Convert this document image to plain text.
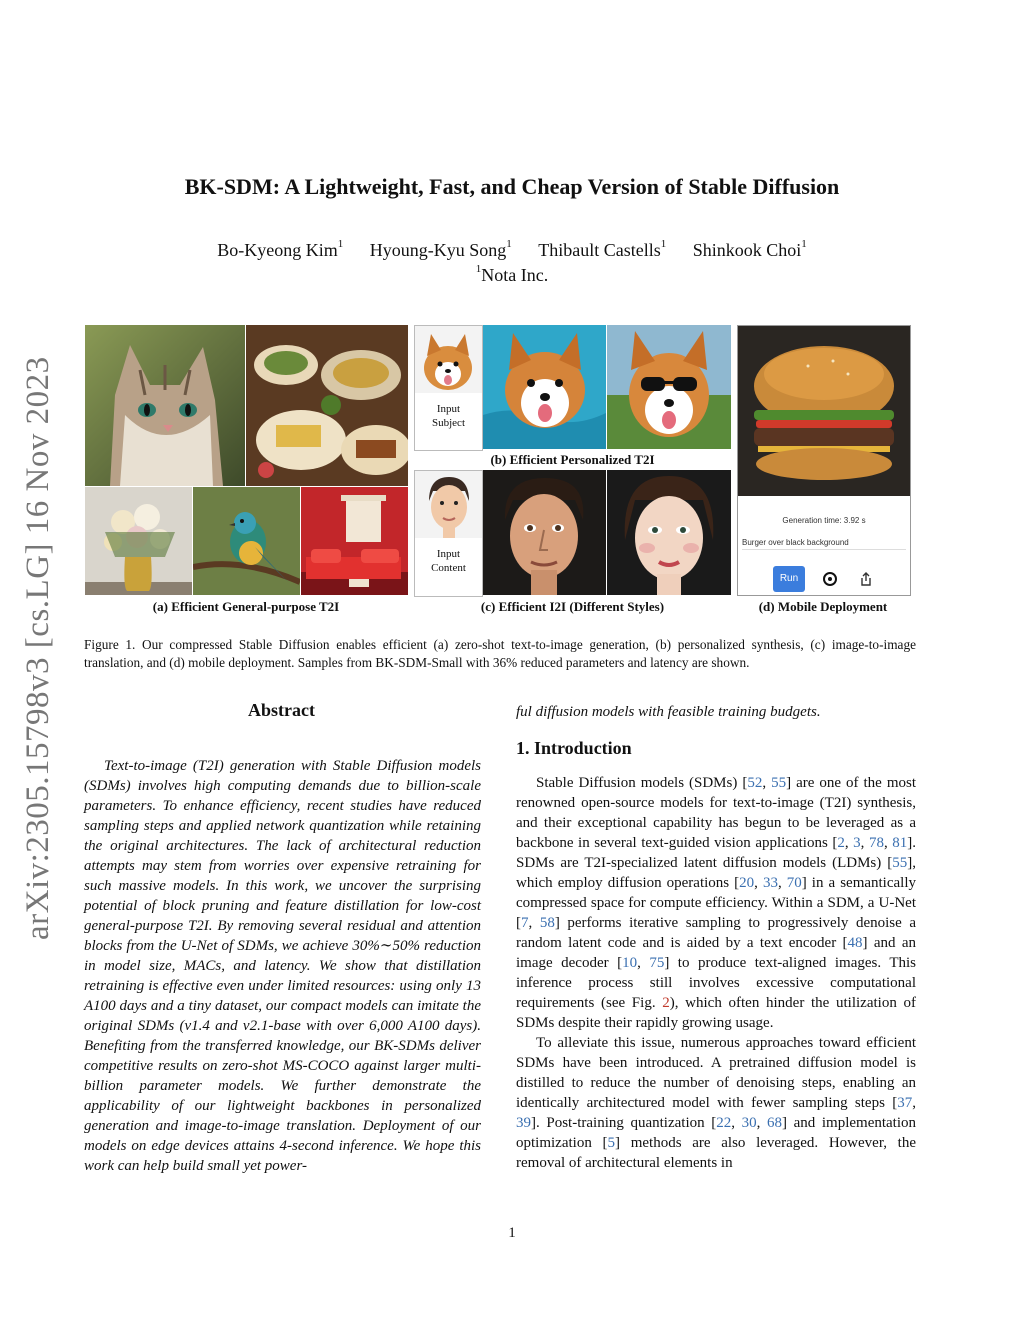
arXiv:2305.15798v3 [cs.LG] 16 Nov 2023
BK-SDM: A Lightweight, Fast, and Cheap Version of Stable Diffusion
Bo-Kyeong Kim$^1$ Hyoung-Kyu Song$^1$ Thibault Castells$^1$ Shinkook Choi$^1$
$^1$Nota Inc.
(a) Efficient General-purpose T2I
Input
Subject
(b) Efficient Personalized T2I
Input
Content
(c) Efficient I2I (Different Styles)
Generation time: 3.92 s
Burger over black background
Run
(d) Mobile Deployment
Figure 1. Our compressed Stable Diffusion enables efficient (a) zero-shot text-to-image generation, (b) personalized synthesis, (c) image-to-image translation, and (d) mobile deployment. Samples from BK-SDM-Small with 36% reduced parameters and latency are shown.
Abstract

Text-to-image (T2I) generation with Stable Diffusion models (SDMs) involves high computing demands due to billion-scale parameters. To enhance efficiency, recent studies have reduced sampling steps and applied network quantization while retaining the original architectures. The lack of architectural reduction attempts may stem from worries over expensive retraining for such massive models. In this work, we uncover the surprising potential of block pruning and feature distillation for low-cost general-purpose T2I. By removing several residual and attention blocks from the U-Net of SDMs, we achieve 30%∼50% reduction in model size, MACs, and latency. We show that distillation retraining is effective even under limited resources: using only 13 A100 days and a tiny dataset, our compact models can imitate the original SDMs (v1.4 and v2.1-base with over 6,000 A100 days). Benefiting from the transferred knowledge, our BK-SDMs deliver competitive results on zero-shot MS-COCO against larger multi-billion parameter models. We further demonstrate the applicability of our lightweight backbones in personalized generation and image-to-image translation. Deployment of our models on edge devices attains 4-second inference. We hope this work can help build small yet power-

ful diffusion models with feasible training budgets.
1. Introduction

Stable Diffusion models (SDMs) [52, 55] are one of the most renowned open-source models for text-to-image (T2I) synthesis, and their exceptional capability has begun to be leveraged as a backbone in several text-guided vision applications [2, 3, 78, 81]. SDMs are T2I-specialized latent diffusion models (LDMs) [55], which employ diffusion operations [20, 33, 70] in a semantically compressed space for compute efficiency. Within a SDM, a U-Net [7, 58] performs iterative sampling to progressively denoise a random latent code and is aided by a text encoder [48] and an image decoder [10, 75] to produce text-aligned images. This inference process still involves excessive computational requirements (see Fig. 2), which often hinder the utilization of SDMs despite their rapidly growing usage.

To alleviate this issue, numerous approaches toward efficient SDMs have been introduced. A pretrained diffusion model is distilled to reduce the number of denoising steps, enabling an identically architectured model with fewer sampling steps [37, 39]. Post-training quantization [22, 30, 68] and implementation optimization [5] methods are also leveraged. However, the removal of architectural elements in

1
